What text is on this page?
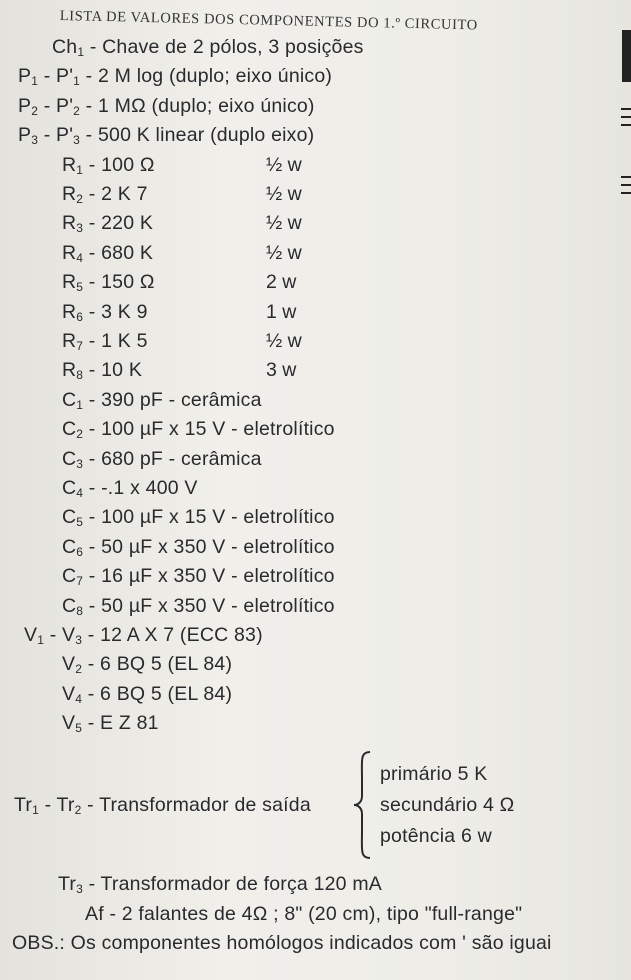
LISTA DE VALORES DOS COMPONENTES DO 1.º CIRCUITO
$Ch_1$ - Chave de 2 pólos, 3 posições
$P_1 - P'_1 - 2$ M log (duplo; eixo único)
$P_2 - P'_2 - 1$ MΩ (duplo; eixo único)
$P_3 - P'_3 - 500$ K linear (duplo eixo)
$R_1 - 100$ Ω	½ w
$R_2 - 2$ K 7	½ w
$R_3 - 220$ K	½ w
$R_4 - 680$ K	½ w
$R_5 - 150$ Ω	2 w
$R_6 - 3$ K 9	1 w
$R_7 - 1$ K 5	½ w
$R_8 - 10$ K	3 w
$C_1 - 390$ pF - cerâmica
$C_2 - 100$ µF x 15 V - eletrolítico
$C_3 - 680$ pF - cerâmica
$C_4 - -.1$ x 400 V
$C_5 - 100$ µF x 15 V - eletrolítico
$C_6 - 50$ µF x 350 V - eletrolítico
$C_7 - 16$ µF x 350 V - eletrolítico
$C_8 - 50$ µF x 350 V - eletrolítico
$V_1 - V_3 - 12$ A X 7 (ECC 83)
$V_2 - 6$ BQ 5 (EL 84)
$V_4 - 6$ BQ 5 (EL 84)
$V_5$ - E Z 81
$Tr_1 - Tr_2$ - Transformador de saída
primário 5 K
secundário 4 Ω
potência 6 w
$Tr_3$ - Transformador de força 120 mA
Af - 2 falantes de 4Ω ; 8" (20 cm), tipo "full-range"
OBS.: Os componentes homólogos indicados com ' são iguai
